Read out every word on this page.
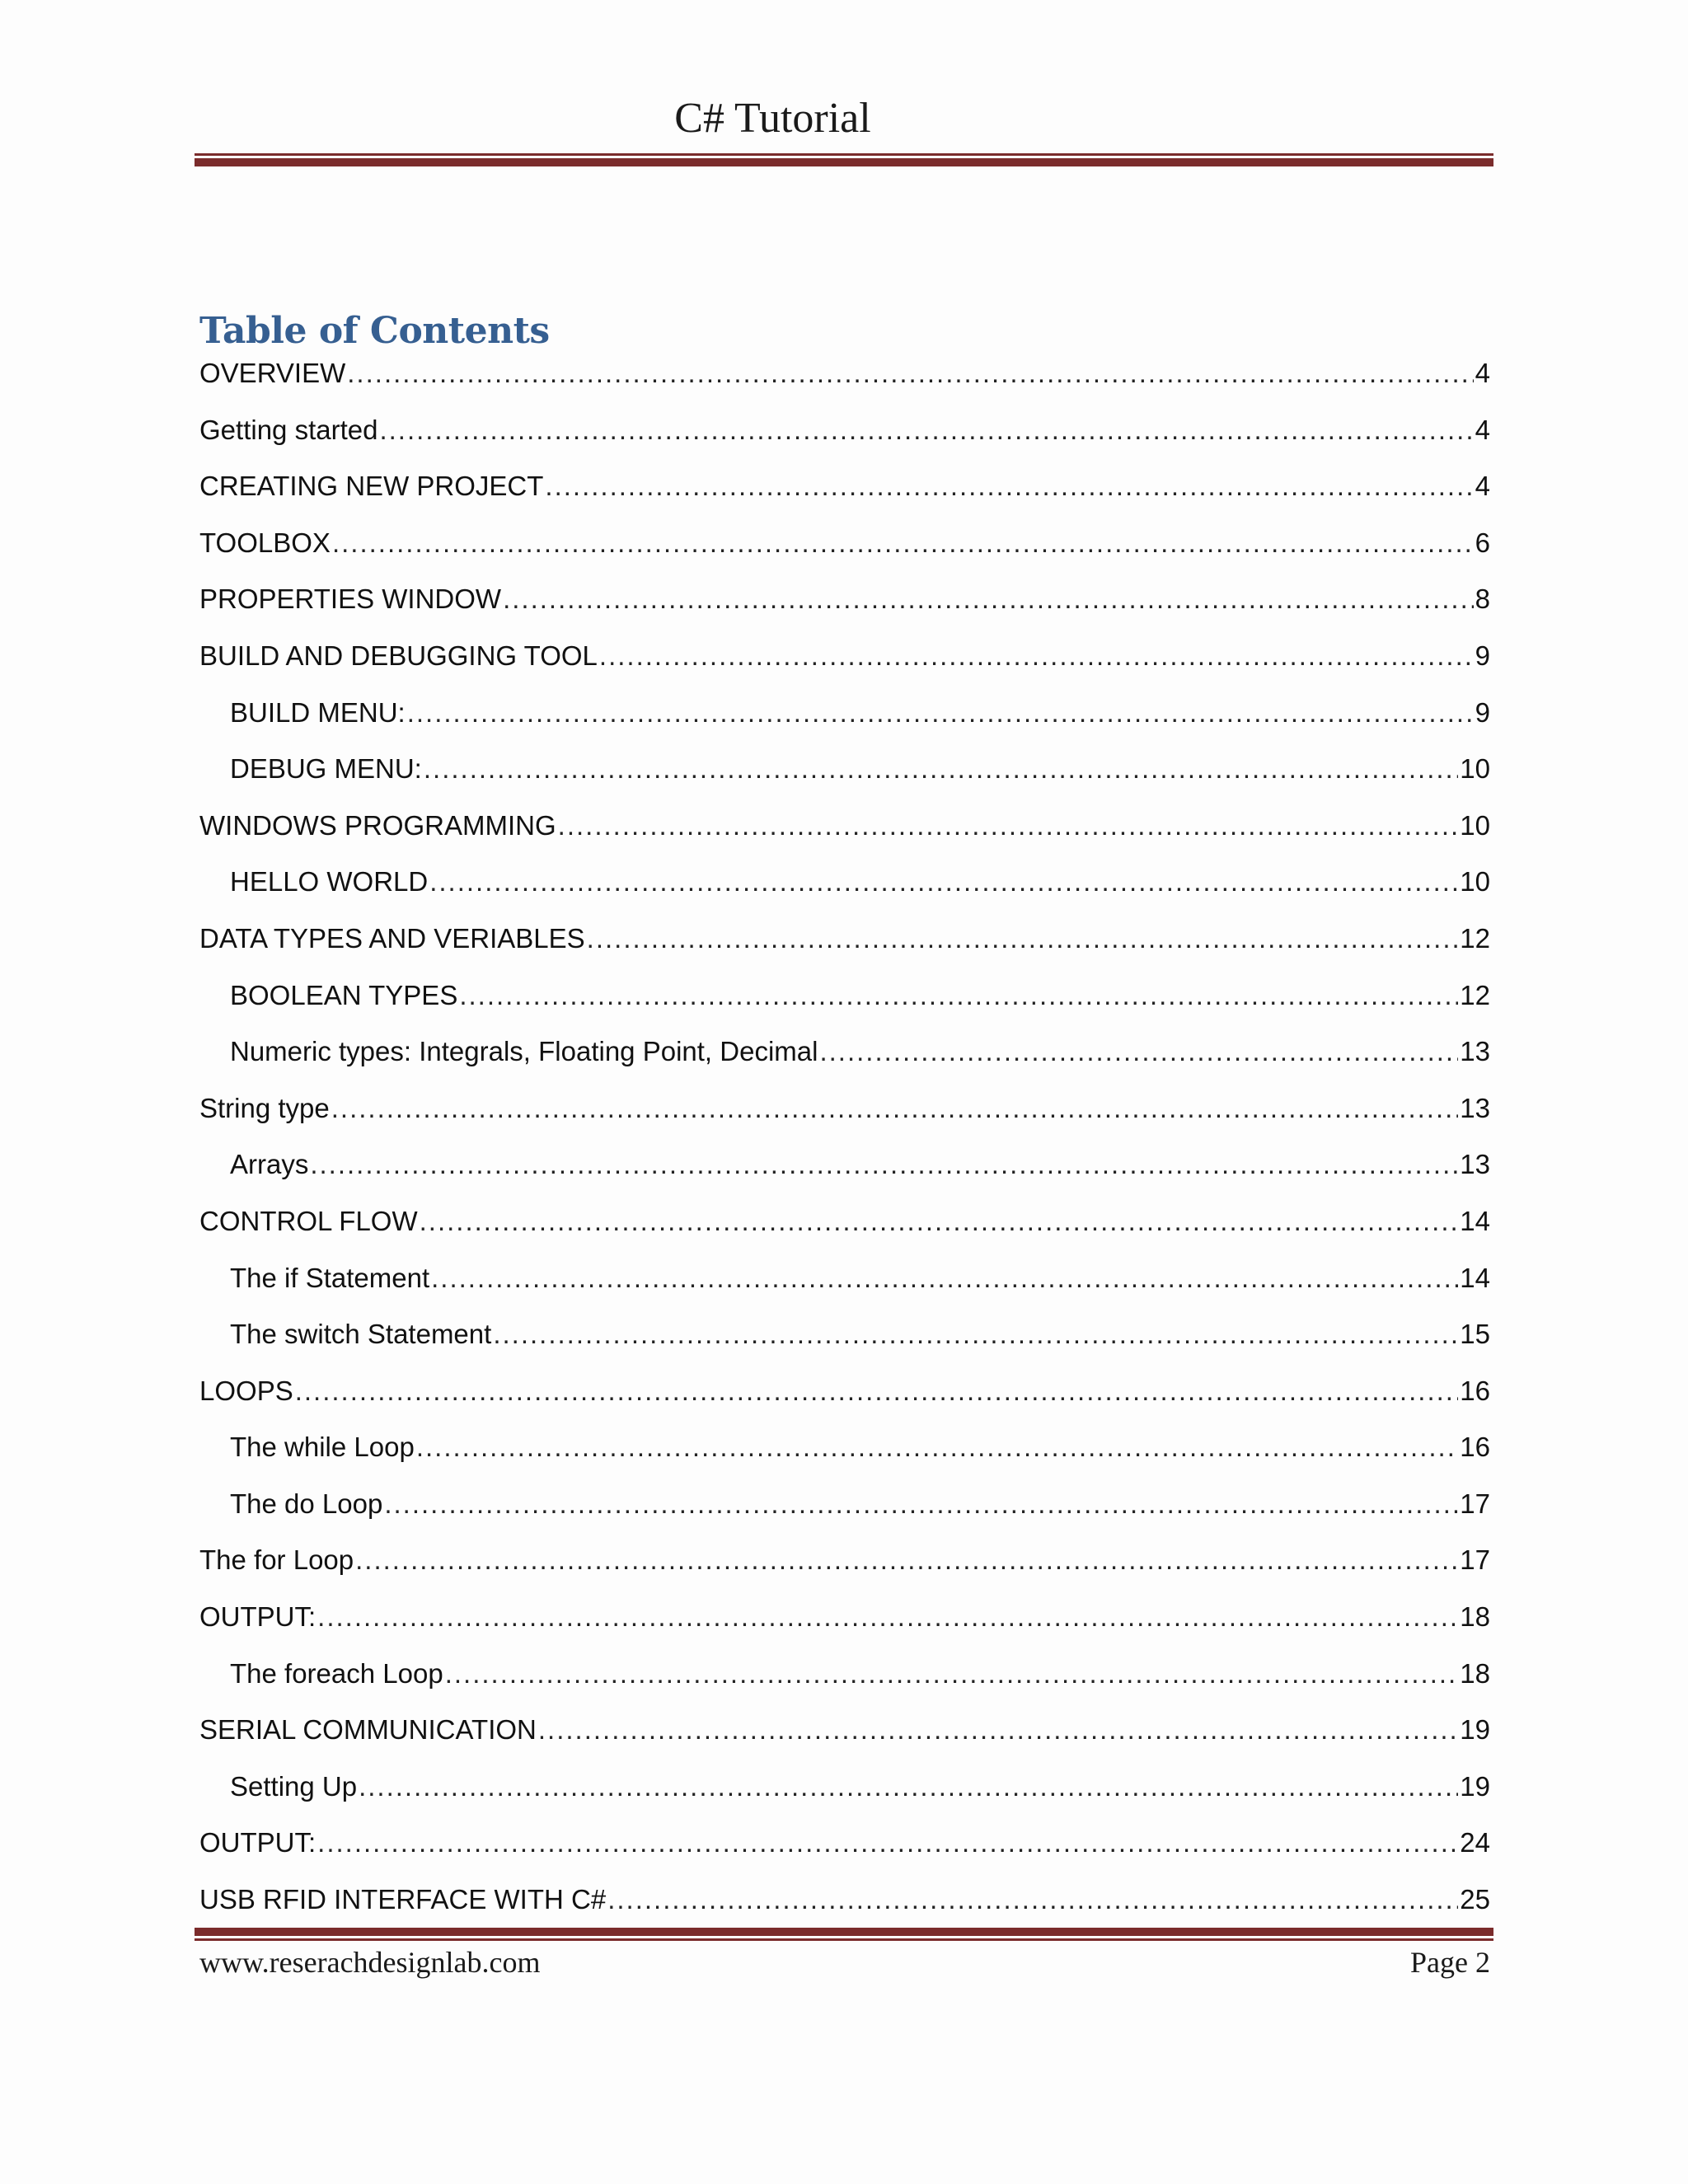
C# Tutorial
Table of Contents
OVERVIEW .....	4
Getting started .....	4
CREATING NEW PROJECT .....	4
TOOLBOX .....	6
PROPERTIES WINDOW .....	8
BUILD AND DEBUGGING TOOL .....	9
BUILD MENU: .....	9
DEBUG MENU: .....	10
WINDOWS PROGRAMMING .....	10
HELLO WORLD .....	10
DATA TYPES AND VERIABLES .....	12
BOOLEAN TYPES .....	12
Numeric types: Integrals, Floating Point, Decimal .....	13
String type .....	13
Arrays .....	13
CONTROL FLOW .....	14
The if Statement .....	14
The switch Statement .....	15
LOOPS .....	16
The while Loop .....	16
The do Loop .....	17
The for Loop .....	17
OUTPUT: .....	18
The foreach Loop .....	18
SERIAL COMMUNICATION .....	19
Setting Up .....	19
OUTPUT: .....	24
USB RFID INTERFACE WITH C# .....	25
www.reserachdesignlab.com	Page 2
